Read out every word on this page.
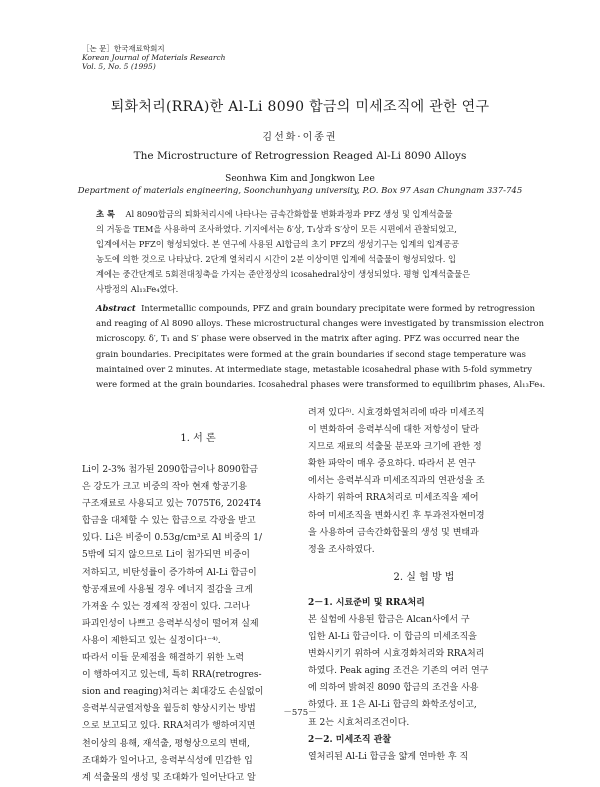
［논 문］한국재료학회지
Korean Journal of Materials Research
Vol. 5, No. 5 (1995)
퇴화처리(RRA)한 Al-Li 8090 합금의 미세조직에 관한 연구
김선화·이종권
The Microstructure of Retrogression Reaged Al-Li 8090 Alloys
Seonhwa Kim and Jongkwon Lee
Department of materials engineering, Soonchunhyang university, P.O. Box 97 Asan Chungnam 337-745

초 록 Al 8090합금의 퇴화처리시에 나타나는 금속간화합물 변화과정과 PFZ 생성 및 입계석출물

의 거동을 TEM을 사용하여 조사하였다. 기지에서는 δ′상, T₁상과 S′상이 모든 시편에서 관찰되었고,

입계에서는 PFZ이 형성되었다. 본 연구에 사용된 Al합금의 초기 PFZ의 생성기구는 입계의 입계공공

농도에 의한 것으로 나타났다. 2단계 열처리시 시간이 2분 이상이면 입계에 석출물이 형성되었다. 입

계에는 중간단계로 5회전대칭축을 가지는 준안정상의 icosahedral상이 생성되었다. 평형 입계석출물은

사방정의 Al₁₃Fe₄였다.

Abstract Intermetallic compounds, PFZ and grain boundary precipitate were formed by retrogression

and reaging of Al 8090 alloys. These microstructural changes were investigated by transmission electron

microscopy. δ′, T₁ and S′ phase were observed in the matrix after aging. PFZ was occurred near the

grain boundaries. Precipitates were formed at the grain boundaries if second stage temperature was

maintained over 2 minutes. At intermediate stage, metastable icosahedral phase with 5-fold symmetry

were formed at the grain boundaries. Icosahedral phases were transformed to equilibrim phases, Al₁₃Fe₄.

1. 서 론

Li이 2-3% 첨가된 2090합금이나 8090합금

은 강도가 크고 비중의 작아 현재 항공기용

구조재료로 사용되고 있는 7075T6, 2024T4

합금을 대체할 수 있는 합금으로 각광을 받고

있다. Li은 비중이 0.53g/cm³로 Al 비중의 1/

5밖에 되지 않으므로 Li이 첨가되면 비중이

저하되고, 비탄성률이 증가하여 Al-Li 합금이

항공재료에 사용될 경우 에너지 절감을 크게

가져올 수 있는 경제적 장점이 있다. 그러나

파괴인성이 나쁘고 응력부식성이 떨어져 실제

사용이 제한되고 있는 실정이다¹⁻⁴⁾.

따라서 이들 문제점을 해결하기 위한 노력

이 행하여지고 있는데, 특히 RRA(retrogres-

sion and reaging)처리는 최대강도 손실없이

응력부식균열저항을 월등히 향상시키는 방법

으로 보고되고 있다. RRA처리가 행하여지면

천이상의 용해, 재석출, 평형상으로의 변태,

조대화가 일어나고, 응력부식성에 민감한 입

계 석출물의 생성 및 조대화가 일어난다고 알

려져 있다⁵⁾. 시효경화열처리에 따라 미세조직

이 변화하여 응력부식에 대한 저항성이 달라

지므로 재료의 석출물 분포와 크기에 관한 정

확한 파악이 매우 중요하다. 따라서 본 연구

에서는 응력부식과 미세조직과의 연관성을 조

사하기 위하여 RRA처리로 미세조직을 제어

하여 미세조직을 변화시킨 후 투과전자현미경

을 사용하여 금속간화합물의 생성 및 변태과

정을 조사하였다.

2. 실 험 방 법

2－1. 시료준비 및 RRA처리

본 실험에 사용된 합금은 Alcan사에서 구

입한 Al-Li 합금이다. 이 합금의 미세조직을

변화시키기 위하여 시효경화처리와 RRA처리

하였다. Peak aging 조건은 기존의 여러 연구

에 의하여 밝혀진 8090 합금의 조건을 사용

하였다. 표 1은 Al-Li 합금의 화학조성이고,

표 2는 시효처리조건이다.

2－2. 미세조직 관찰

열처리된 Al-Li 합금을 얇게 연마한 후 직

－575－
